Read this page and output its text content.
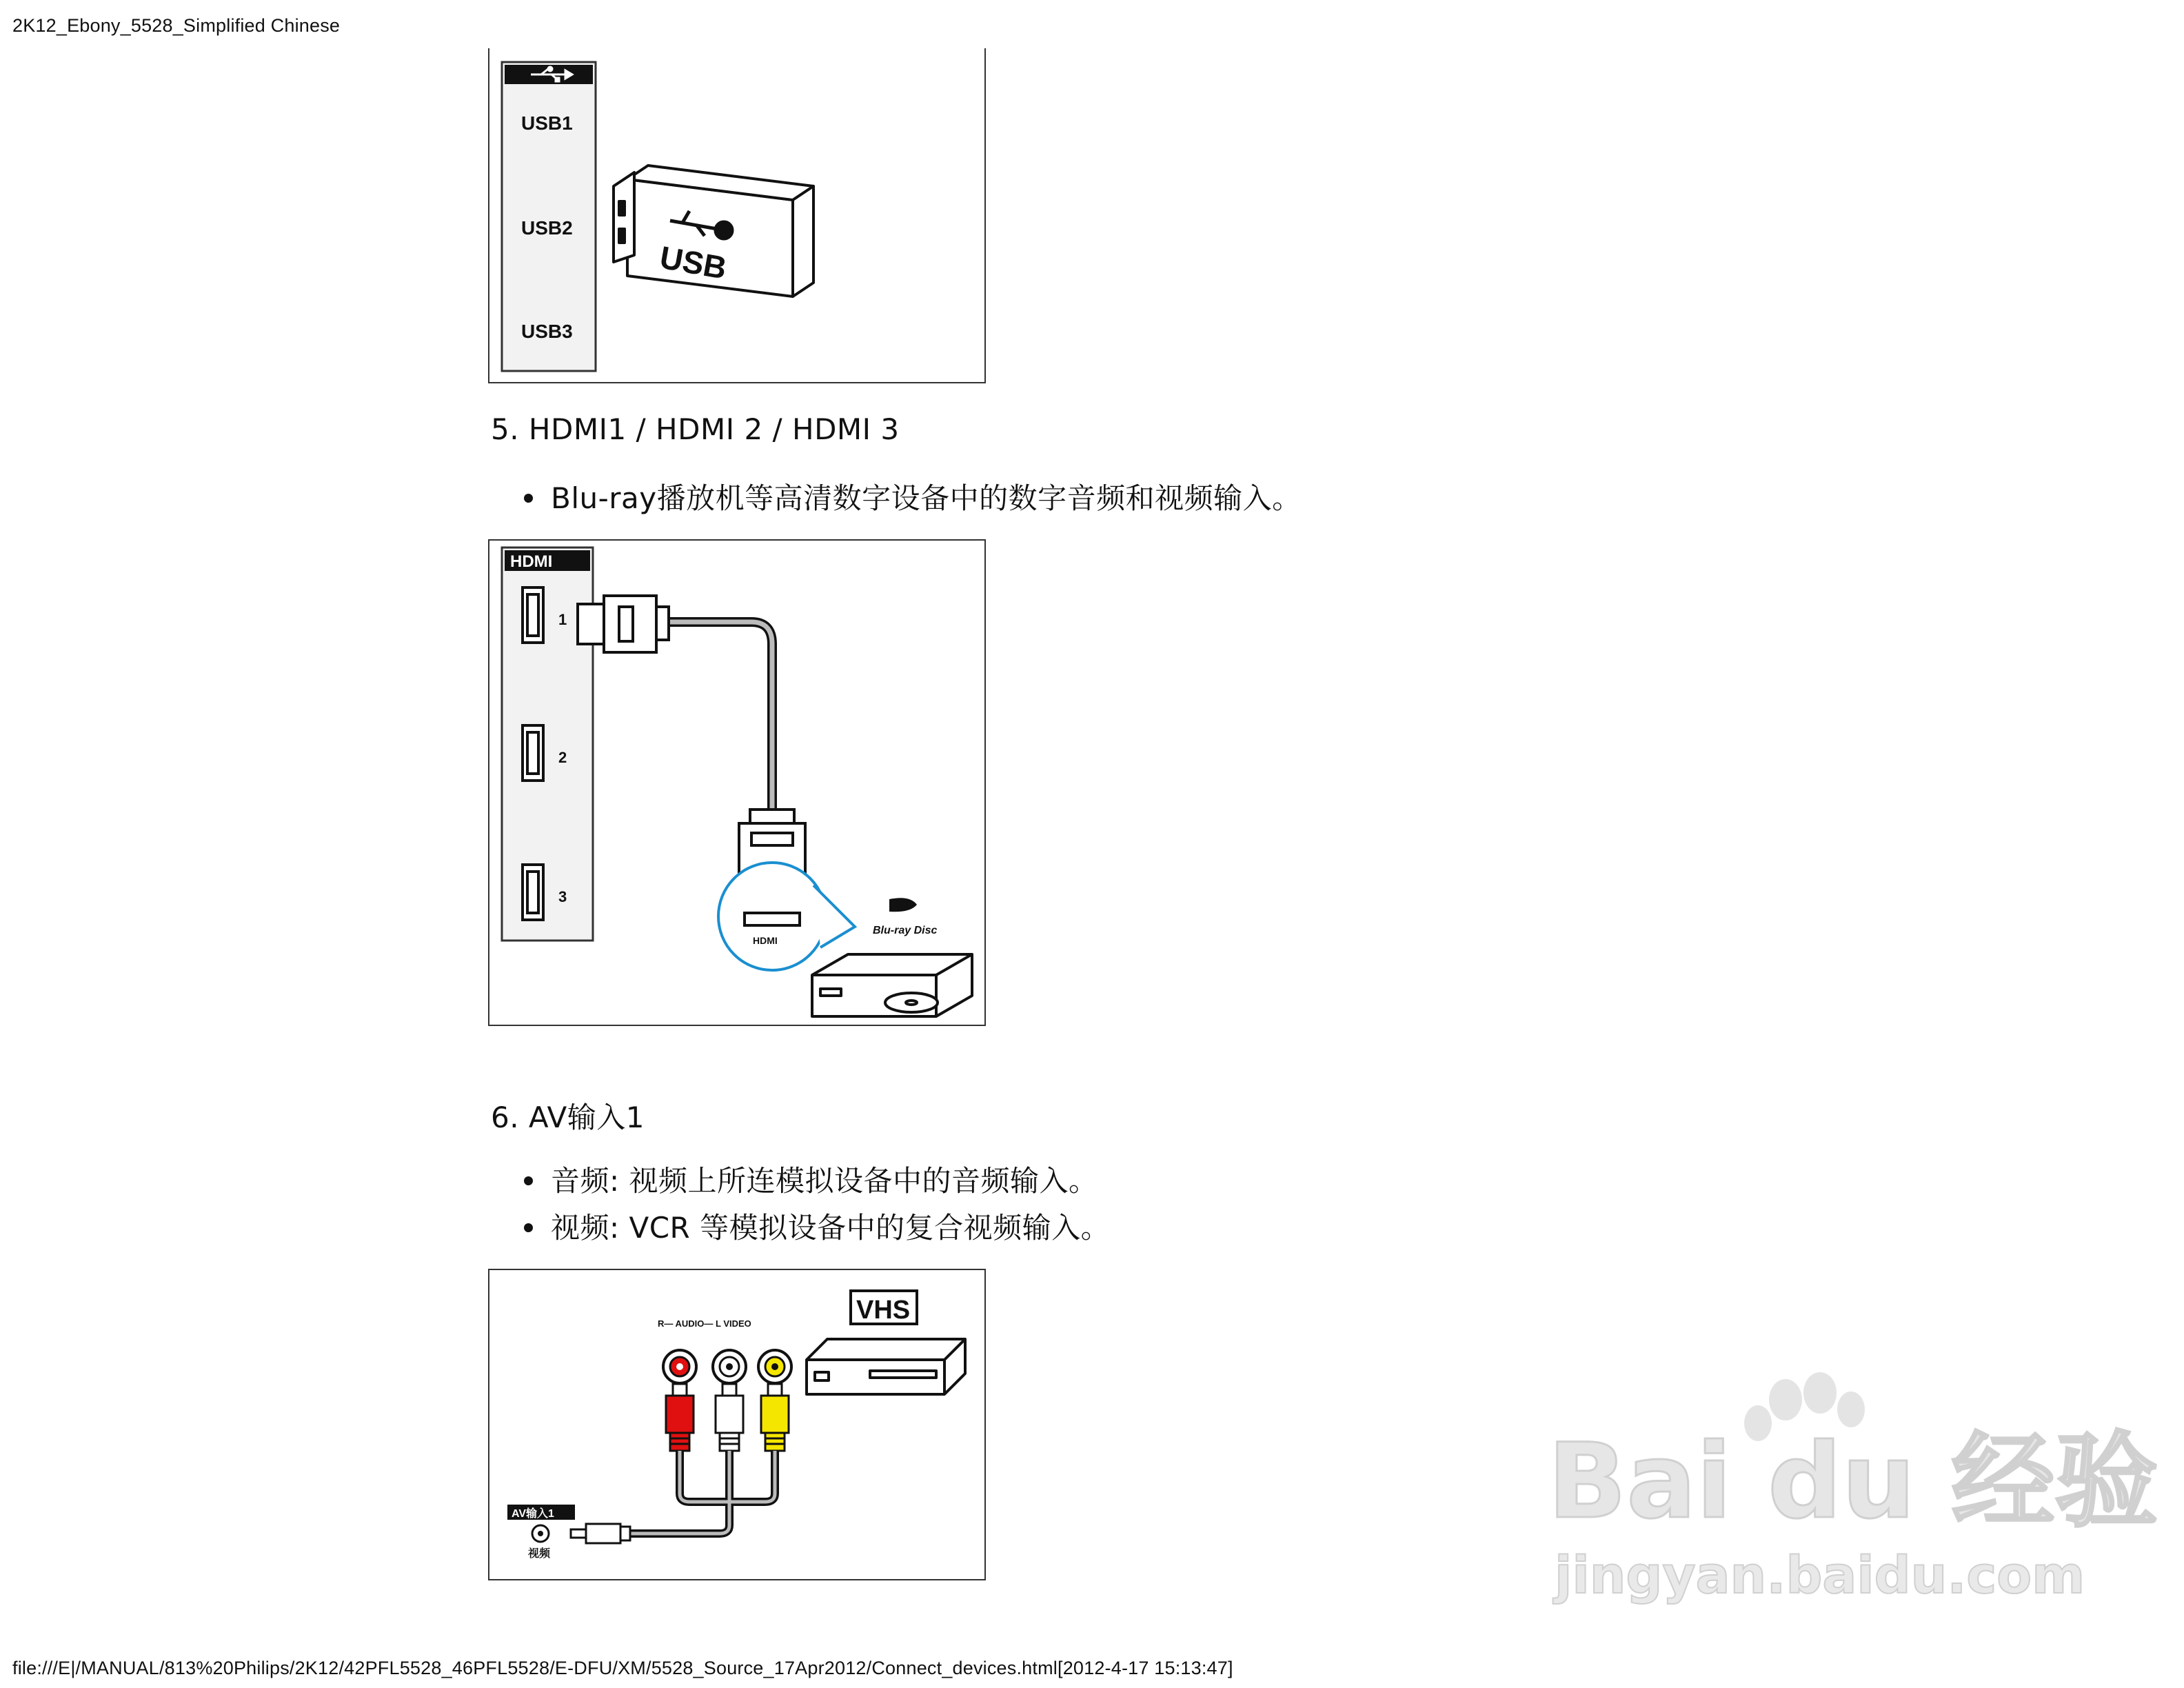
2K12_Ebony_5528_Simplified Chinese
USB1
USB2
USB3
USB
5. HDMI1 / HDMI 2 / HDMI 3
Blu-ray播放机等高清数字设备中的数字音频和视频输入。
HDMI
1
2
3
HDMI
Blu-ray Disc
6. AV输入1
音频: 视频上所连模拟设备中的音频输入。
视频: VCR 等模拟设备中的复合视频输入。
R— AUDIO— L VIDEO	VHS
AV输入1
视频
Bai du 经验
jingyan.baidu.com
file:///E|/MANUAL/813%20Philips/2K12/42PFL5528_46PFL5528/E-DFU/XM/5528_Source_17Apr2012/Connect_devices.html[2012-4-17 15:13:47]
